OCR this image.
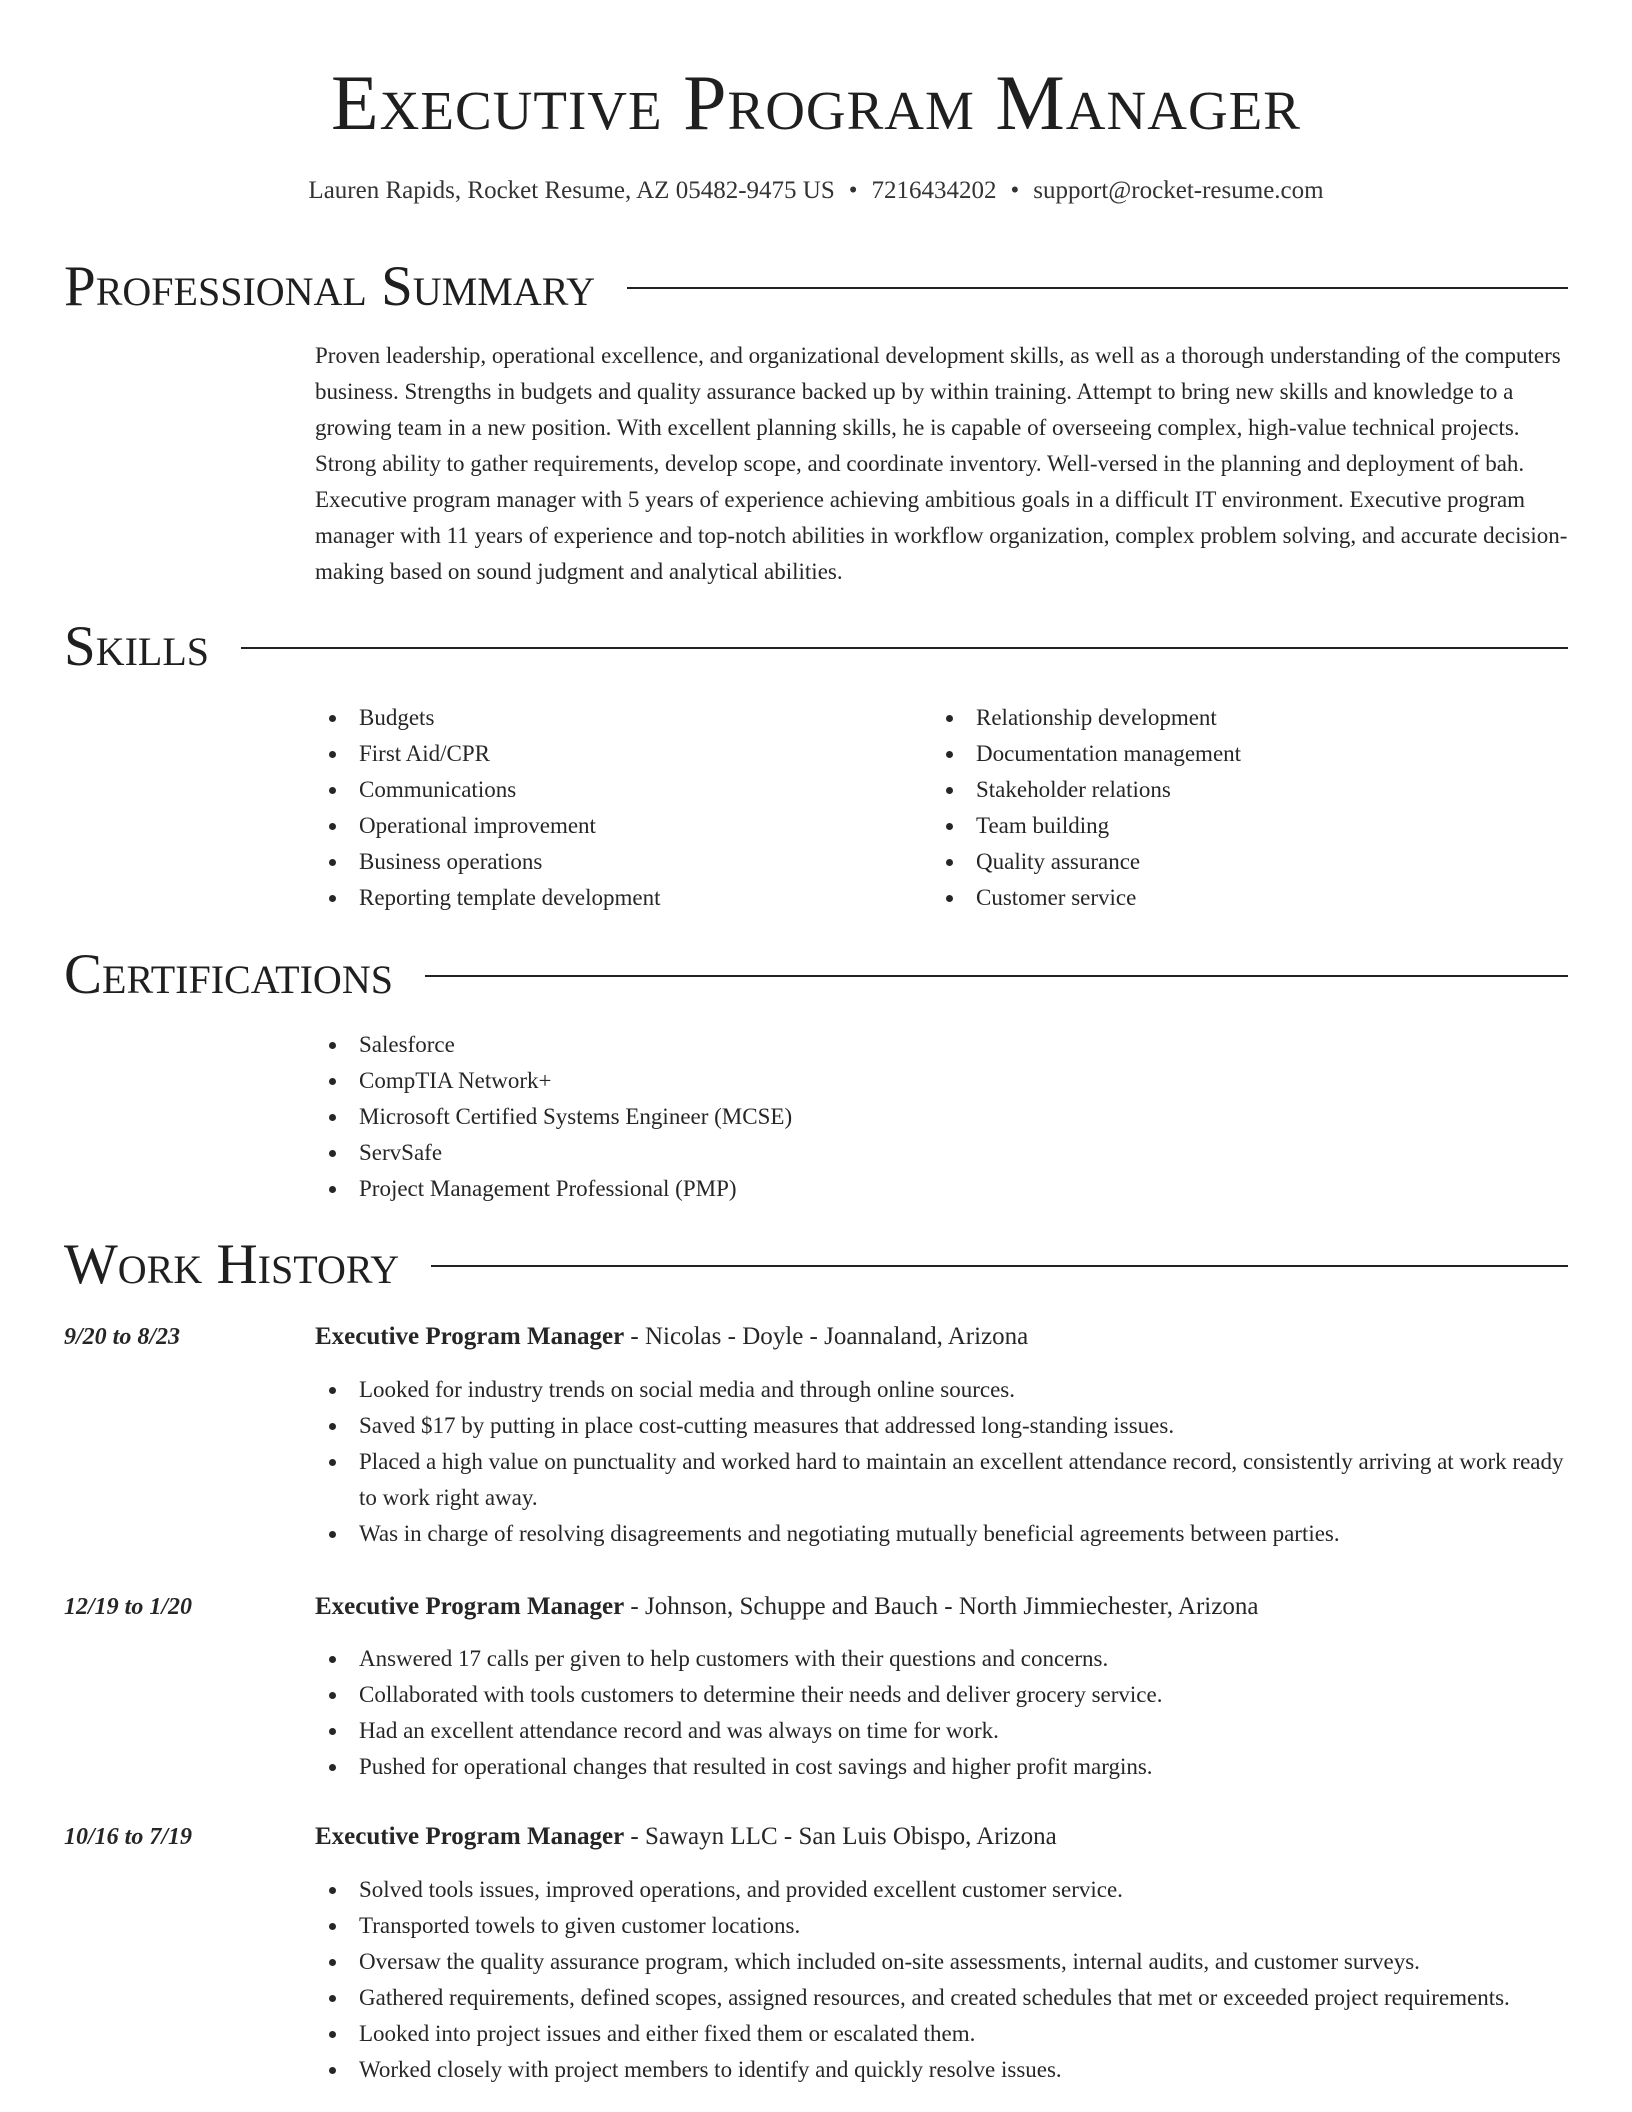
Executive Program Manager
Lauren Rapids, Rocket Resume, AZ 05482-9475 US • 7216434202 • support@rocket-resume.com
Professional Summary

Proven leadership, operational excellence, and organizational development skills, as well as a thorough understanding of the computers business. Strengths in budgets and quality assurance backed up by within training. Attempt to bring new skills and knowledge to a growing team in a new position. With excellent planning skills, he is capable of overseeing complex, high-value technical projects. Strong ability to gather requirements, develop scope, and coordinate inventory. Well-versed in the planning and deployment of bah. Executive program manager with 5 years of experience achieving ambitious goals in a difficult IT environment. Executive program manager with 11 years of experience and top-notch abilities in workflow organization, complex problem solving, and accurate decision-making based on sound judgment and analytical abilities.

Skills
Budgets
First Aid/CPR
Communications
Operational improvement
Business operations
Reporting template development
Relationship development
Documentation management
Stakeholder relations
Team building
Quality assurance
Customer service
Certifications
Salesforce
CompTIA Network+
Microsoft Certified Systems Engineer (MCSE)
ServSafe
Project Management Professional (PMP)
Work History
9/20 to 8/23	Executive Program Manager - Nicolas - Doyle - Joannaland, Arizona
Looked for industry trends on social media and through online sources.
Saved $17 by putting in place cost-cutting measures that addressed long-standing issues.
Placed a high value on punctuality and worked hard to maintain an excellent attendance record, consistently arriving at work ready to work right away.
Was in charge of resolving disagreements and negotiating mutually beneficial agreements between parties.
12/19 to 1/20	Executive Program Manager - Johnson, Schuppe and Bauch - North Jimmiechester, Arizona
Answered 17 calls per given to help customers with their questions and concerns.
Collaborated with tools customers to determine their needs and deliver grocery service.
Had an excellent attendance record and was always on time for work.
Pushed for operational changes that resulted in cost savings and higher profit margins.
10/16 to 7/19	Executive Program Manager - Sawayn LLC - San Luis Obispo, Arizona
Solved tools issues, improved operations, and provided excellent customer service.
Transported towels to given customer locations.
Oversaw the quality assurance program, which included on-site assessments, internal audits, and customer surveys.
Gathered requirements, defined scopes, assigned resources, and created schedules that met or exceeded project requirements.
Looked into project issues and either fixed them or escalated them.
Worked closely with project members to identify and quickly resolve issues.
